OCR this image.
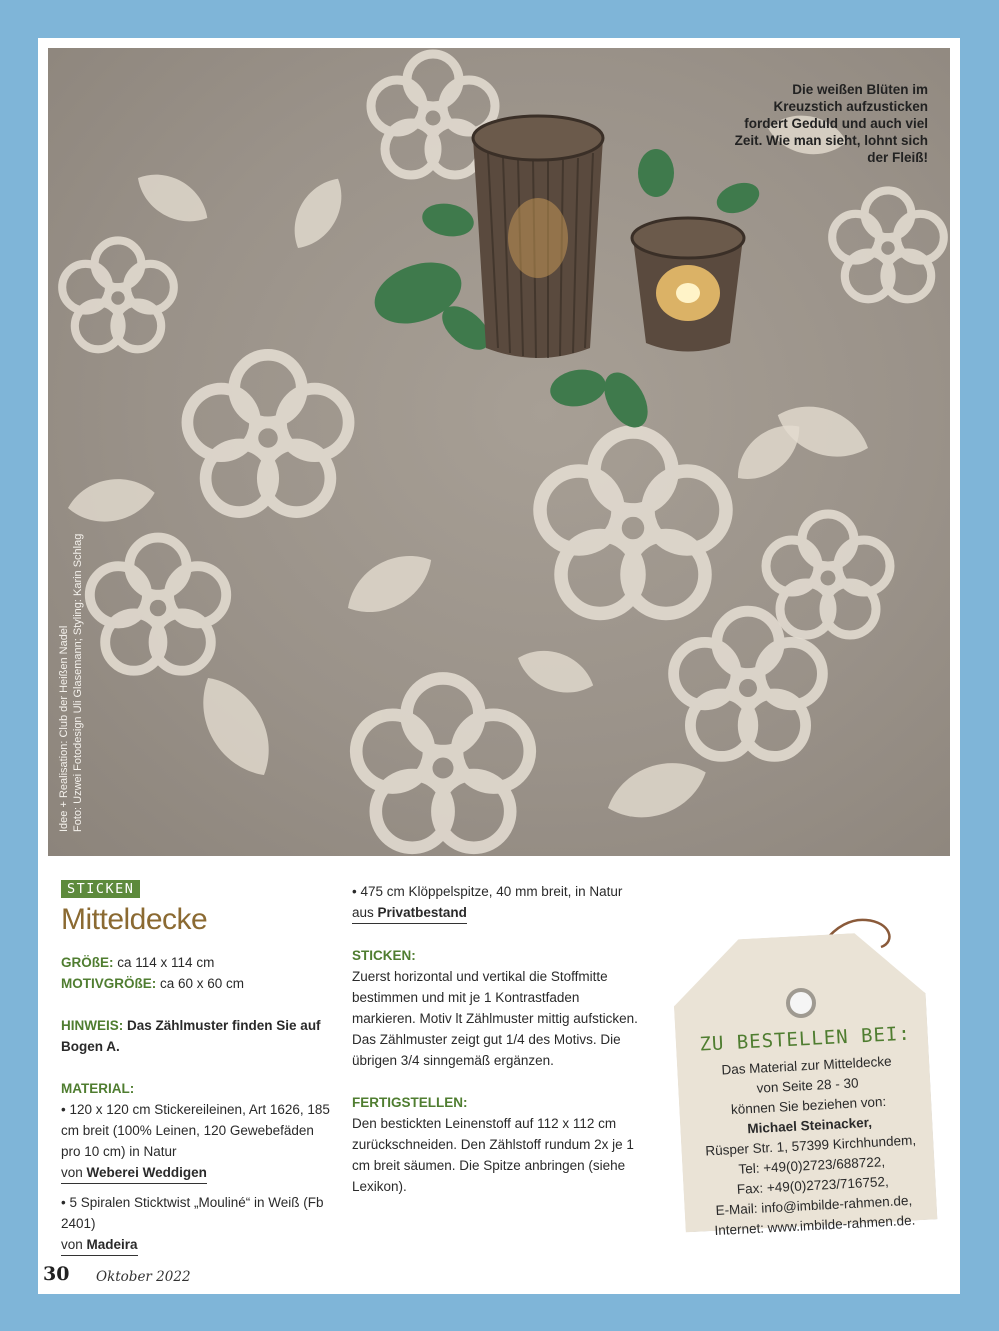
Die weißen Blüten im Kreuzstich aufzusticken fordert Geduld und auch viel Zeit. Wie man sieht, lohnt sich der Fleiß!
Idee + Realisation: Club der Heißen Nadel Foto: Uzwei Fotodesign Uli Glasemann; Styling: Karin Schlag
STICKEN
Mitteldecke
GRÖßE: ca 114 x 114 cm
MOTIVGRÖßE: ca 60 x 60 cm
HINWEIS: Das Zählmuster finden Sie auf Bogen A.
MATERIAL:
• 120 x 120 cm Stickereileinen, Art 1626, 185 cm breit (100% Leinen, 120 Gewebefäden pro 10 cm) in Natur
von Weberei Weddigen
• 5 Spiralen Sticktwist „Mouliné“ in Weiß (Fb 2401)
von Madeira
• 475 cm Klöppelspitze, 40 mm breit, in Natur
aus Privatbestand
STICKEN:
Zuerst horizontal und vertikal die Stoffmitte bestimmen und mit je 1 Kontrastfaden markieren. Motiv lt Zählmuster mittig aufsticken. Das Zählmuster zeigt gut 1/4 des Motivs. Die übrigen 3/4 sinngemäß ergänzen.
FERTIGSTELLEN:
Den bestickten Leinenstoff auf 112 x 112 cm zurückschneiden. Den Zählstoff rundum 2x je 1 cm breit säumen. Die Spitze anbringen (siehe Lexikon).
ZU BESTELLEN BEI:
Das Material zur Mitteldecke
von Seite 28 - 30
können Sie beziehen von:
Michael Steinacker,
Rüsper Str. 1, 57399 Kirchhundem,
Tel: +49(0)2723/688722,
Fax: +49(0)2723/716752,
E-Mail: info@imbilde-rahmen.de,
Internet: www.imbilde-rahmen.de.
30 Oktober 2022
